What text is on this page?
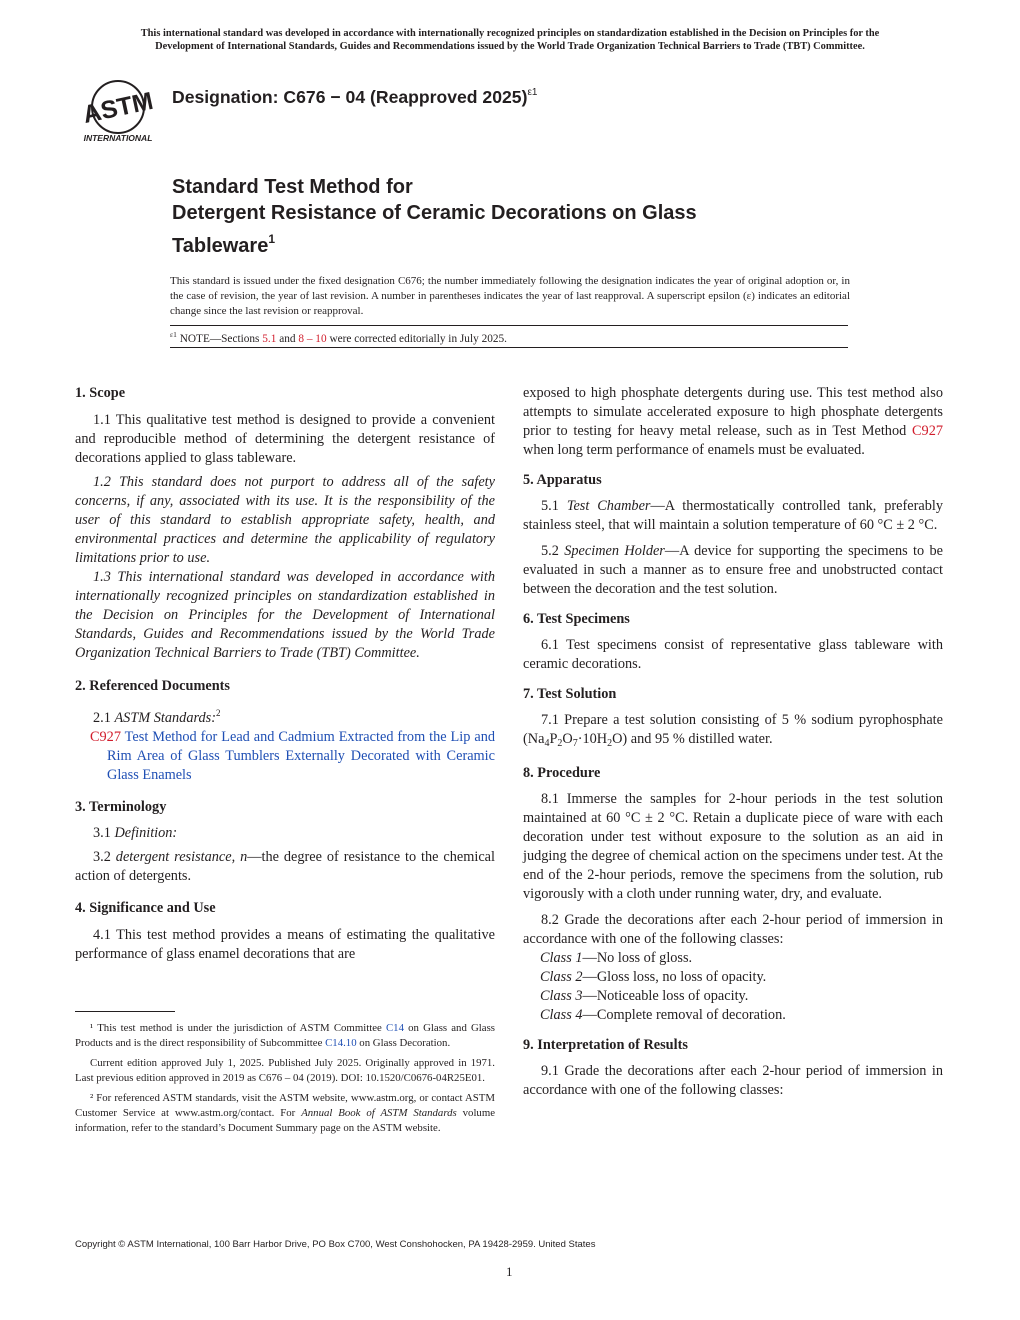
This international standard was developed in accordance with internationally recognized principles on standardization established in the Decision on Principles for the
Development of International Standards, Guides and Recommendations issued by the World Trade Organization Technical Barriers to Trade (TBT) Committee.
ASTM
INTERNATIONAL
Designation: C676 − 04 (Reapproved 2025)$^{\varepsilon 1}$
Standard Test Method for
Detergent Resistance of Ceramic Decorations on Glass
Tableware$^1$
This standard is issued under the fixed designation C676; the number immediately following the designation indicates the year of original adoption or, in the case of revision, the year of last revision. A number in parentheses indicates the year of last reapproval. A superscript epsilon (ε) indicates an editorial change since the last revision or reapproval.
$^{\varepsilon 1}$ NOTE—Sections 5.1 and 8 – 10 were corrected editorially in July 2025.

1. Scope

1.1 This qualitative test method is designed to provide a convenient and reproducible method of determining the detergent resistance of decorations applied to glass tableware.

1.2 This standard does not purport to address all of the safety concerns, if any, associated with its use. It is the responsibility of the user of this standard to establish appropriate safety, health, and environmental practices and determine the applicability of regulatory limitations prior to use.

1.3 This international standard was developed in accordance with internationally recognized principles on standardization established in the Decision on Principles for the Development of International Standards, Guides and Recommendations issued by the World Trade Organization Technical Barriers to Trade (TBT) Committee.

2. Referenced Documents

2.1 ASTM Standards:$^2$

C927 Test Method for Lead and Cadmium Extracted from the Lip and Rim Area of Glass Tumblers Externally Decorated with Ceramic Glass Enamels

3. Terminology

3.1 Definition:

3.2 detergent resistance, n—the degree of resistance to the chemical action of detergents.

4. Significance and Use

4.1 This test method provides a means of estimating the qualitative performance of glass enamel decorations that are

exposed to high phosphate detergents during use. This test method also attempts to simulate accelerated exposure to high phosphate detergents prior to testing for heavy metal release, such as in Test Method C927 when long term performance of enamels must be evaluated.

5. Apparatus

5.1 Test Chamber—A thermostatically controlled tank, preferably stainless steel, that will maintain a solution temperature of 60 °C ± 2 °C.

5.2 Specimen Holder—A device for supporting the specimens to be evaluated in such a manner as to ensure free and unobstructed contact between the decoration and the test solution.

6. Test Specimens

6.1 Test specimens consist of representative glass tableware with ceramic decorations.

7. Test Solution

7.1 Prepare a test solution consisting of 5 % sodium pyrophosphate $(Na_4P_2O_7\cdot 10H_2O)$ and 95 % distilled water.

8. Procedure

8.1 Immerse the samples for 2-hour periods in the test solution maintained at 60 °C ± 2 °C. Retain a duplicate piece of ware with each decoration under test without exposure to the solution as an aid in judging the degree of chemical action on the specimens under test. At the end of the 2-hour periods, remove the specimens from the solution, rub vigorously with a cloth under running water, dry, and evaluate.

8.2 Grade the decorations after each 2-hour period of immersion in accordance with one of the following classes:

Class 1—No loss of gloss.

Class 2—Gloss loss, no loss of opacity.

Class 3—Noticeable loss of opacity.

Class 4—Complete removal of decoration.

9. Interpretation of Results

9.1 Grade the decorations after each 2-hour period of immersion in accordance with one of the following classes:

¹ This test method is under the jurisdiction of ASTM Committee C14 on Glass and Glass Products and is the direct responsibility of Subcommittee C14.10 on Glass Decoration.

Current edition approved July 1, 2025. Published July 2025. Originally approved in 1971. Last previous edition approved in 2019 as C676 – 04 (2019). DOI: 10.1520/C0676-04R25E01.

² For referenced ASTM standards, visit the ASTM website, www.astm.org, or contact ASTM Customer Service at www.astm.org/contact. For Annual Book of ASTM Standards volume information, refer to the standard’s Document Summary page on the ASTM website.

Copyright © ASTM International, 100 Barr Harbor Drive, PO Box C700, West Conshohocken, PA 19428-2959. United States
1
